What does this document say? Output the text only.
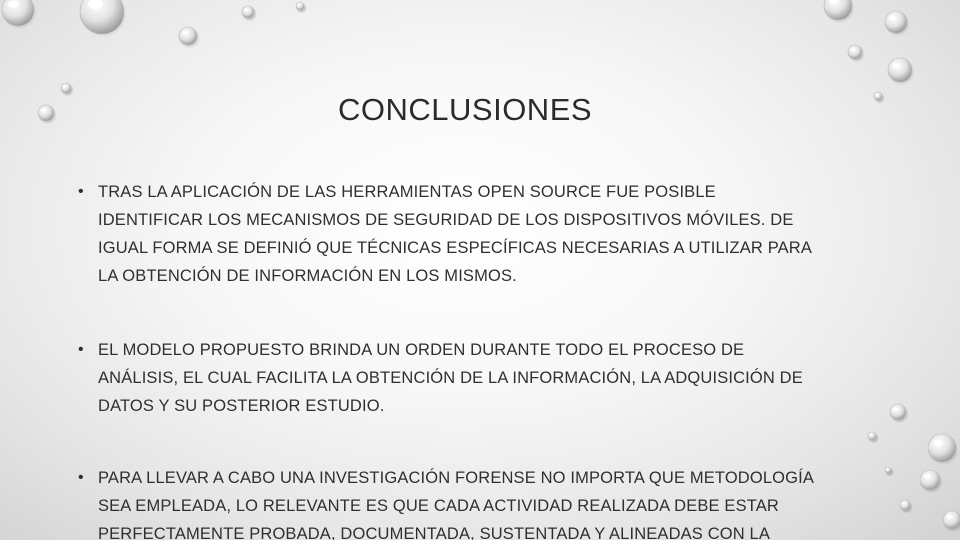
CONCLUSIONES
• TRAS LA APLICACIÓN DE LAS HERRAMIENTAS OPEN SOURCE FUE POSIBLE
IDENTIFICAR LOS MECANISMOS DE SEGURIDAD DE LOS DISPOSITIVOS MÓVILES. DE
IGUAL FORMA SE DEFINIÓ QUE TÉCNICAS ESPECÍFICAS NECESARIAS A UTILIZAR PARA
LA OBTENCIÓN DE INFORMACIÓN EN LOS MISMOS.
• EL MODELO PROPUESTO BRINDA UN ORDEN DURANTE TODO EL PROCESO DE
ANÁLISIS, EL CUAL FACILITA LA OBTENCIÓN DE LA INFORMACIÓN, LA ADQUISICIÓN DE
DATOS Y SU POSTERIOR ESTUDIO.
• PARA LLEVAR A CABO UNA INVESTIGACIÓN FORENSE NO IMPORTA QUE METODOLOGÍA
SEA EMPLEADA, LO RELEVANTE ES QUE CADA ACTIVIDAD REALIZADA DEBE ESTAR
PERFECTAMENTE PROBADA, DOCUMENTADA, SUSTENTADA Y ALINEADAS CON LA
